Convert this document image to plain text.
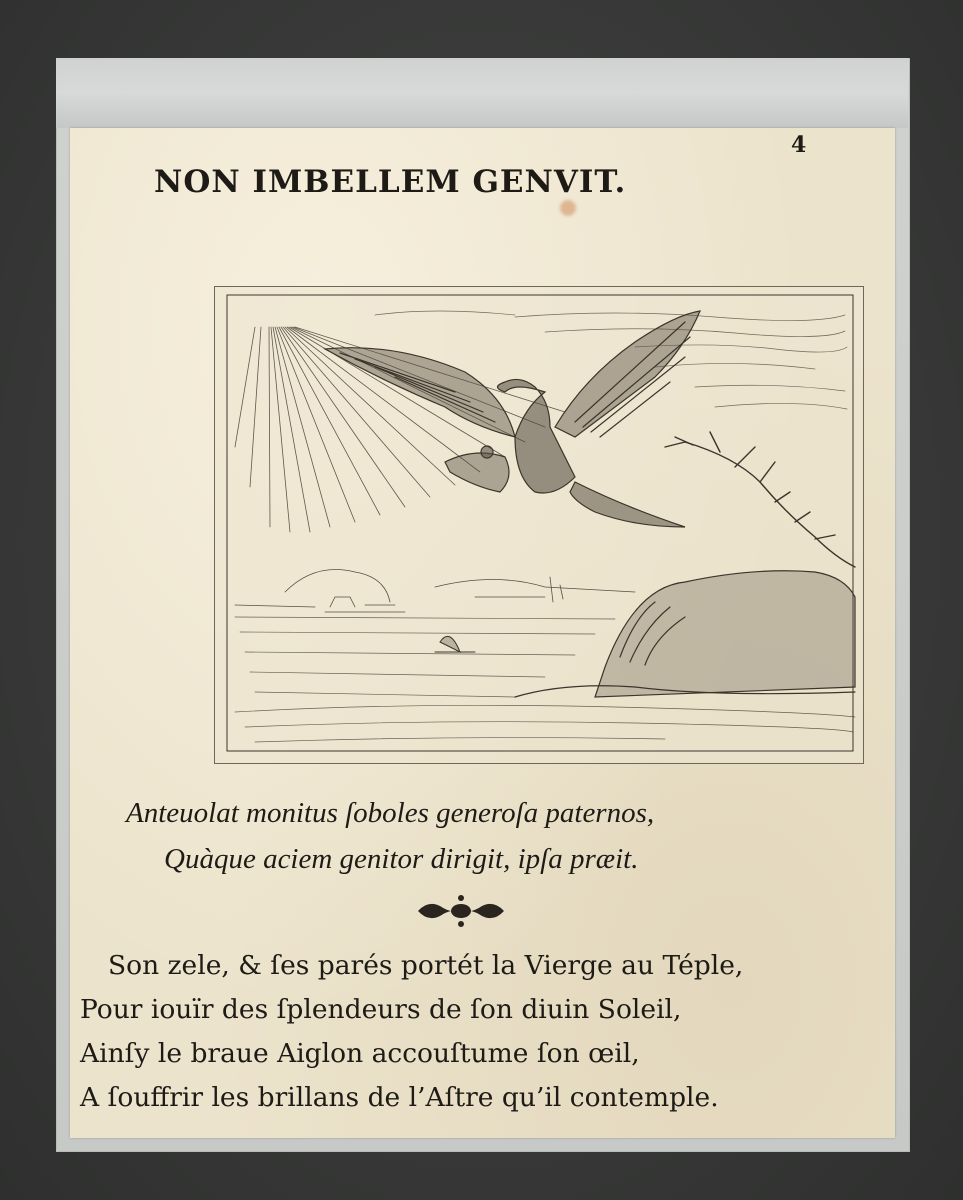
4
NON IMBELLEM GENVIT.
Anteuolat monitus ſoboles generoſa paternos,
Quàque aciem genitor dirigit, ipſa præit.
Son zele, & ſes parés portét la Vierge au Téple,
Pour iouïr des ſplendeurs de ſon diuin Soleil,
Ainſy le braue Aiglon accouſtume ſon œil,
A ſouffrir les brillans de l’Aſtre qu’il contemple.
